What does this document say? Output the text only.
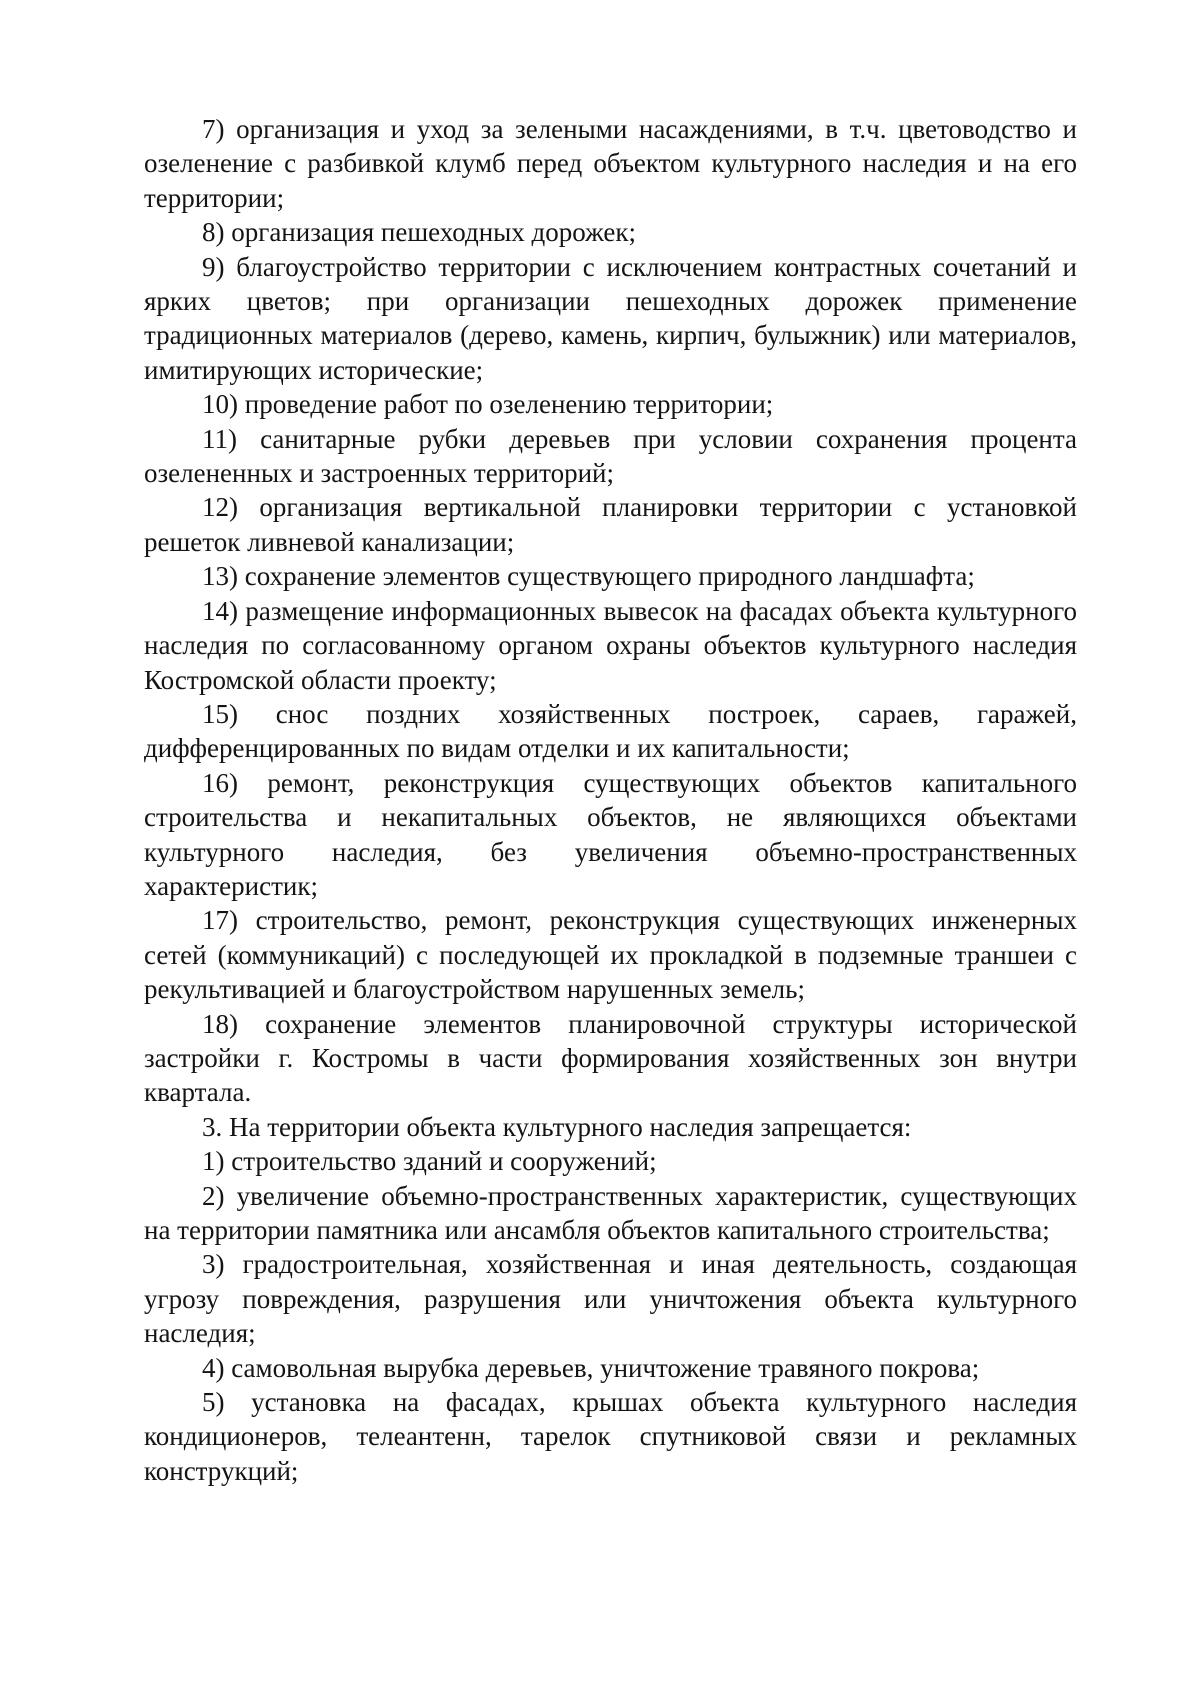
7) организация и уход за зелеными насаждениями, в т.ч. цветоводство и озеленение с разбивкой клумб перед объектом культурного наследия и на его территории;

8) организация пешеходных дорожек;

9) благоустройство территории с исключением контрастных сочетаний и ярких цветов; при организации пешеходных дорожек применение традиционных материалов (дерево, камень, кирпич, булыжник) или материалов, имитирующих исторические;

10) проведение работ по озеленению территории;

11) санитарные рубки деревьев при условии сохранения процента озелененных и застроенных территорий;

12) организация вертикальной планировки территории с установкой решеток ливневой канализации;

13) сохранение элементов существующего природного ландшафта;

14) размещение информационных вывесок на фасадах объекта культурного наследия по согласованному органом охраны объектов культурного наследия Костромской области проекту;

15) снос поздних хозяйственных построек, сараев, гаражей, дифференцированных по видам отделки и их капитальности;

16) ремонт, реконструкция существующих объектов капитального строительства и некапитальных объектов, не являющихся объектами культурного наследия, без увеличения объемно-пространственных характеристик;

17) строительство, ремонт, реконструкция существующих инженерных сетей (коммуникаций) с последующей их прокладкой в подземные траншеи с рекультивацией и благоустройством нарушенных земель;

18) сохранение элементов планировочной структуры исторической застройки г. Костромы в части формирования хозяйственных зон внутри квартала.

3. На территории объекта культурного наследия запрещается:

1) строительство зданий и сооружений;

2) увеличение объемно-пространственных характеристик, существующих на территории памятника или ансамбля объектов капитального строительства;

3) градостроительная, хозяйственная и иная деятельность, создающая угрозу повреждения, разрушения или уничтожения объекта культурного наследия;

4) самовольная вырубка деревьев, уничтожение травяного покрова;

5) установка на фасадах, крышах объекта культурного наследия кондиционеров, телеантенн, тарелок спутниковой связи и рекламных конструкций;
